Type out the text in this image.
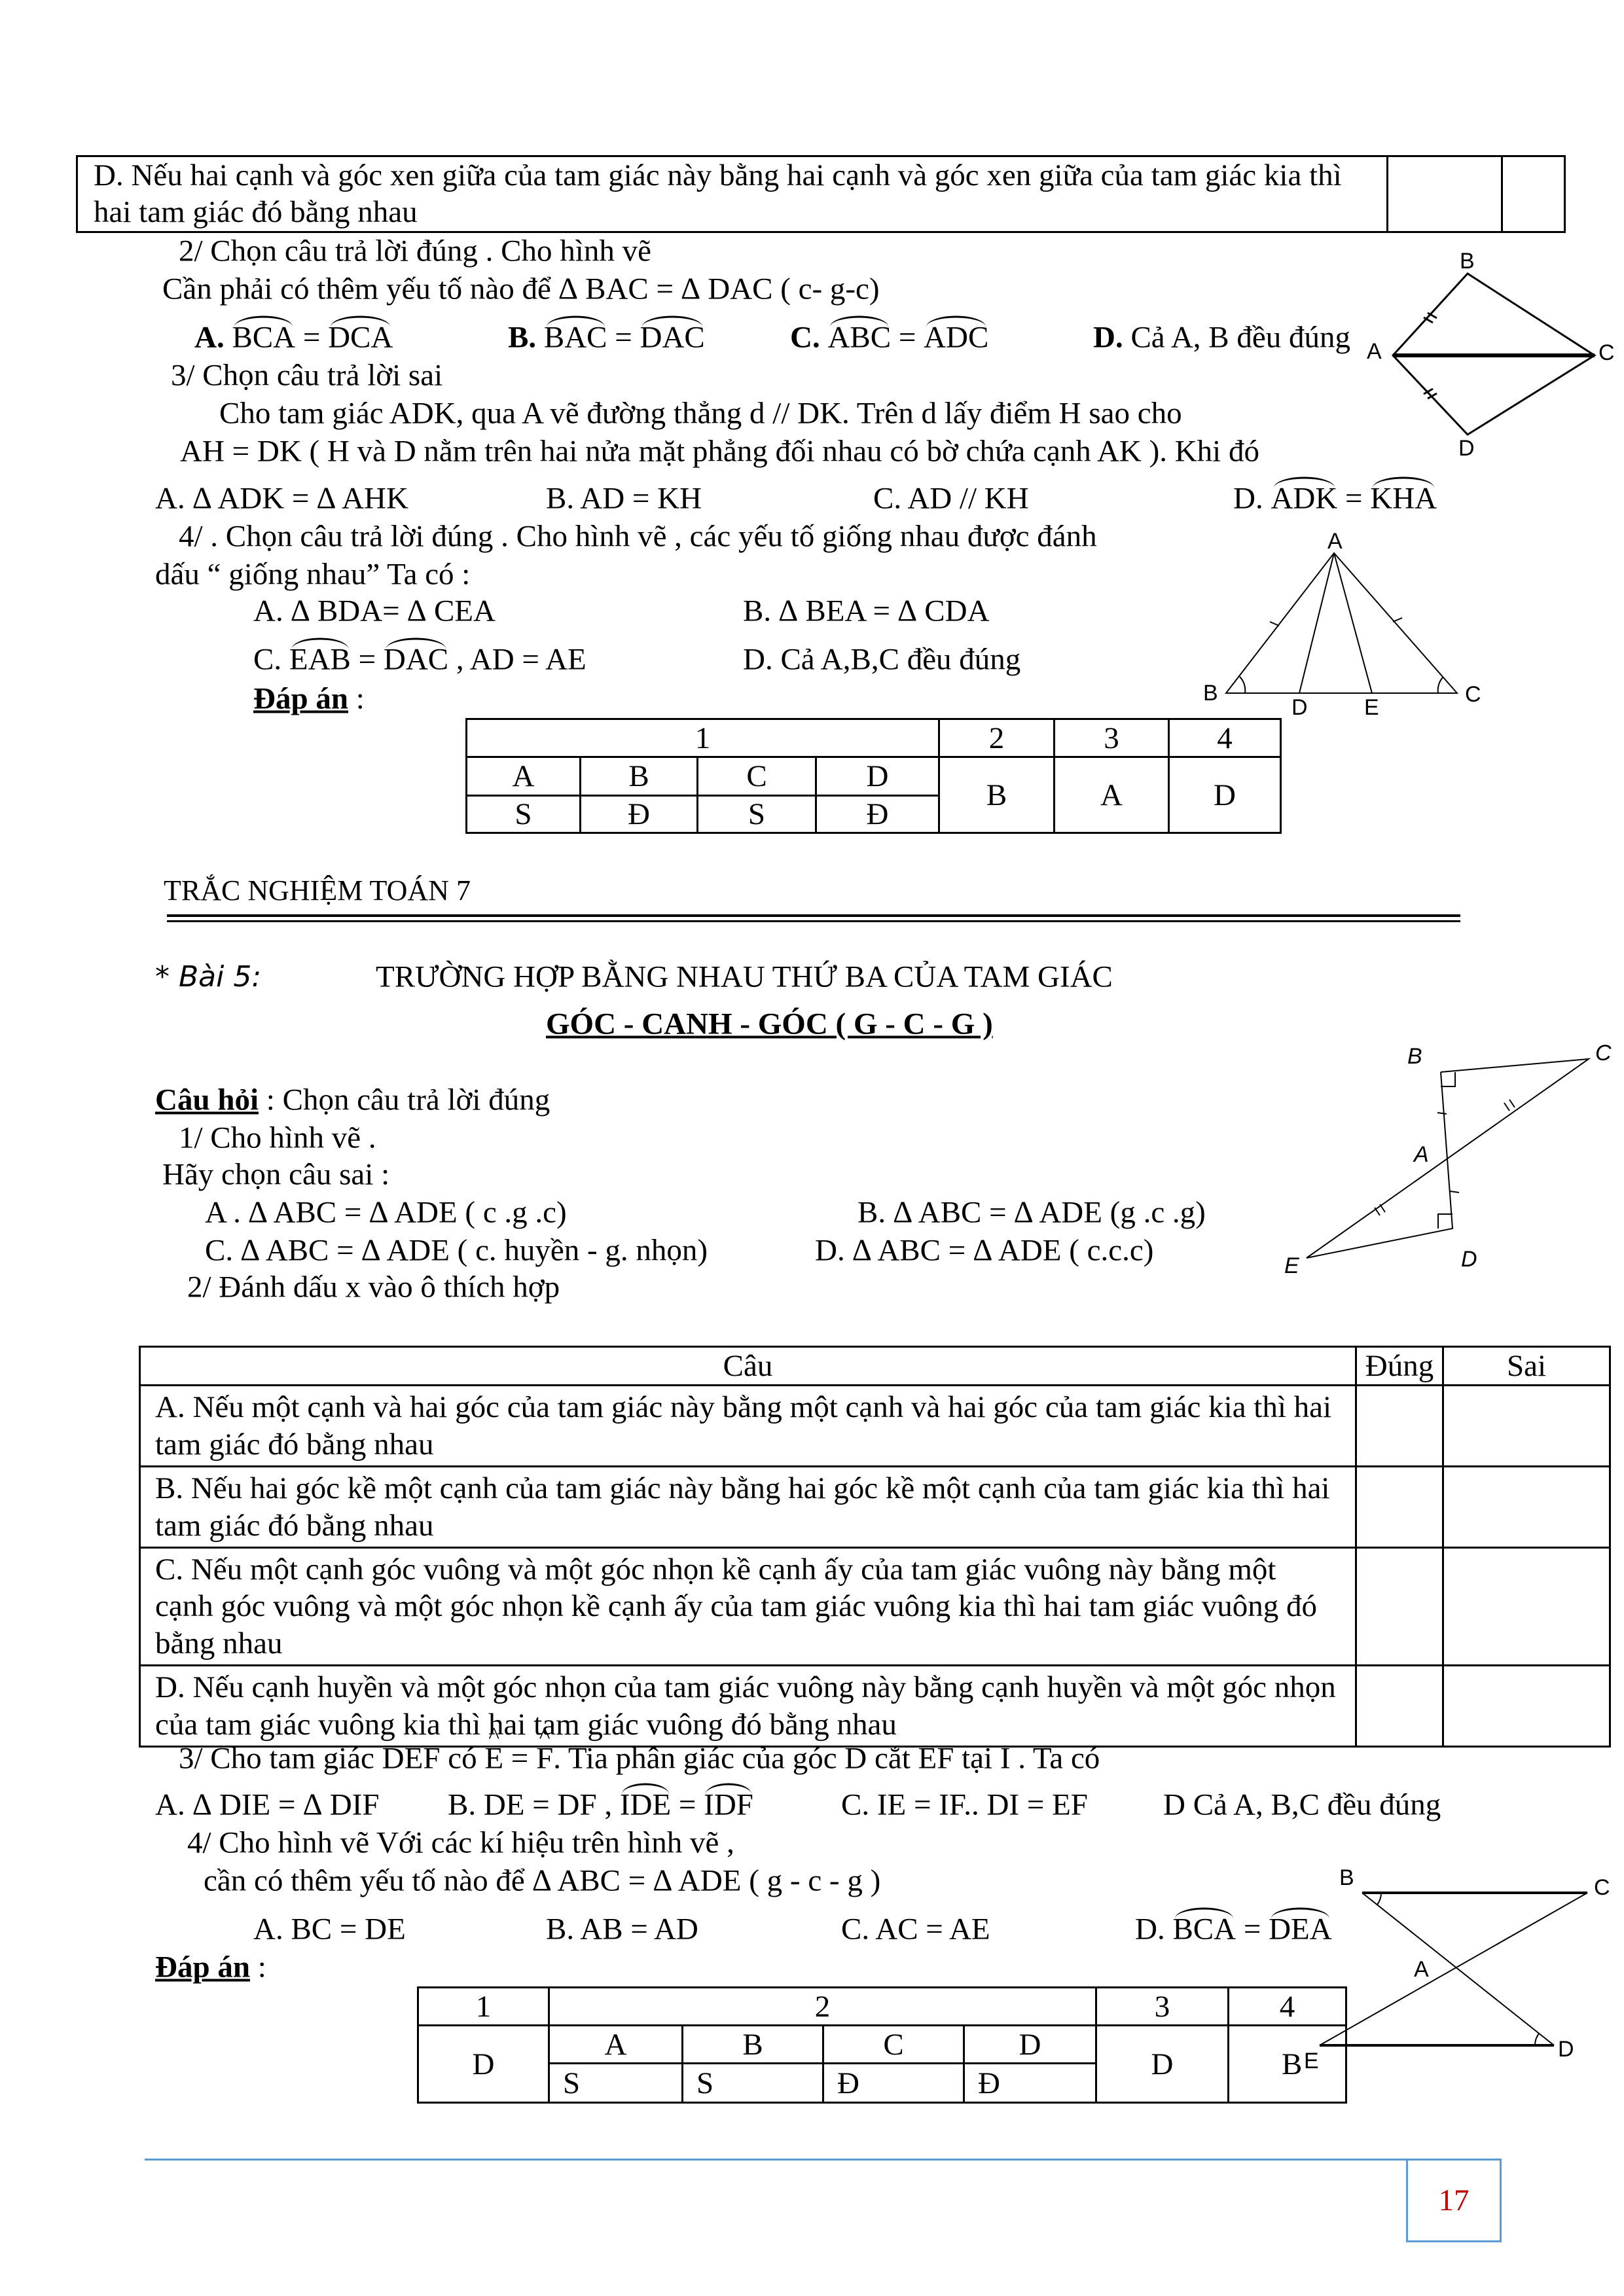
D. Nếu hai cạnh và góc xen giữa của tam giác này bằng hai cạnh và góc xen giữa của tam giác kia thì hai tam giác đó bằng nhau		
2/ Chọn câu trả lời đúng . Cho hình vẽ
Cần phải có thêm yếu tố nào để ∆ BAC = ∆ DAC ( c- g-c)
A. BCA = DCA	B. BAC = DAC	C. ABC = ADC	D. Cả A, B đều đúng
3/ Chọn câu trả lời sai
Cho tam giác ADK, qua A vẽ đường thẳng d // DK. Trên d lấy điểm H sao cho
AH = DK ( H và D nằm trên hai nửa mặt phẳng đối nhau có bờ chứa cạnh AK ). Khi đó
A. ∆ ADK = ∆ AHK	B. AD = KH	C. AD // KH	D. ADK = KHA
4/ . Chọn câu trả lời đúng . Cho hình vẽ , các yếu tố giống nhau được đánh
dấu “ giống nhau” Ta có :
A. ∆ BDA= ∆ CEA	B. ∆ BEA = ∆ CDA
C. EAB = DAC , AD = AE	D. Cả A,B,C đều đúng
Đáp án :
1				2	3	4
A	B	C	D	B	A	D
S	Đ	S	Đ			
TRẮC NGHIỆM TOÁN 7
* Bài 5:	TRƯỜNG HỢP BẰNG NHAU THỨ BA CỦA TAM GIÁC
GÓC - CANH - GÓC ( G - C - G )
Câu hỏi : Chọn câu trả lời đúng
1/ Cho hình vẽ .
Hãy chọn câu sai :
A . ∆ ABC = ∆ ADE ( c .g .c)	B. ∆ ABC = ∆ ADE (g .c .g)
C. ∆ ABC = ∆ ADE ( c. huyền - g. nhọn)	D. ∆ ABC = ∆ ADE ( c.c.c)
2/ Đánh dấu x vào ô thích hợp
Câu	Đúng	Sai
A. Nếu một cạnh và hai góc của tam giác này bằng một cạnh và hai góc của tam giác kia thì hai tam giác đó bằng nhau		
B. Nếu hai góc kề một cạnh của tam giác này bằng hai góc kề một cạnh của tam giác kia thì hai tam giác đó bằng nhau		
C. Nếu một cạnh góc vuông và một góc nhọn kề cạnh ấy của tam giác vuông này bằng một cạnh góc vuông và một góc nhọn kề cạnh ấy của tam giác vuông kia thì hai tam giác vuông đó bằng nhau		
D. Nếu cạnh huyền và một góc nhọn của tam giác vuông này bằng cạnh huyền và một góc nhọn của tam giác vuông kia thì hai tam giác vuông đó bằng nhau		
3/ Cho tam giác DEF có ^ E = ^ F. Tia phân giác của góc D cắt EF tại I . Ta có
A. ∆ DIE = ∆ DIF B. DE = DF , IDE = IDF	C. IE = IF.. DI = EF D Cả A, B,C đều đúng
4/ Cho hình vẽ Với các kí hiệu trên hình vẽ ,
cần có thêm yếu tố nào để ∆ ABC = ∆ ADE ( g - c - g )
A. BC = DE	B. AB = AD	C. AC = AE	D. BCA = DEA
Đáp án :
1	2				3	4
D	A	B	C	D	D	B
	S	S	Đ	Đ		
B
A	C
D
A
B
D	E
C
B	C
A
E	D
B	C
A
E	D
17
